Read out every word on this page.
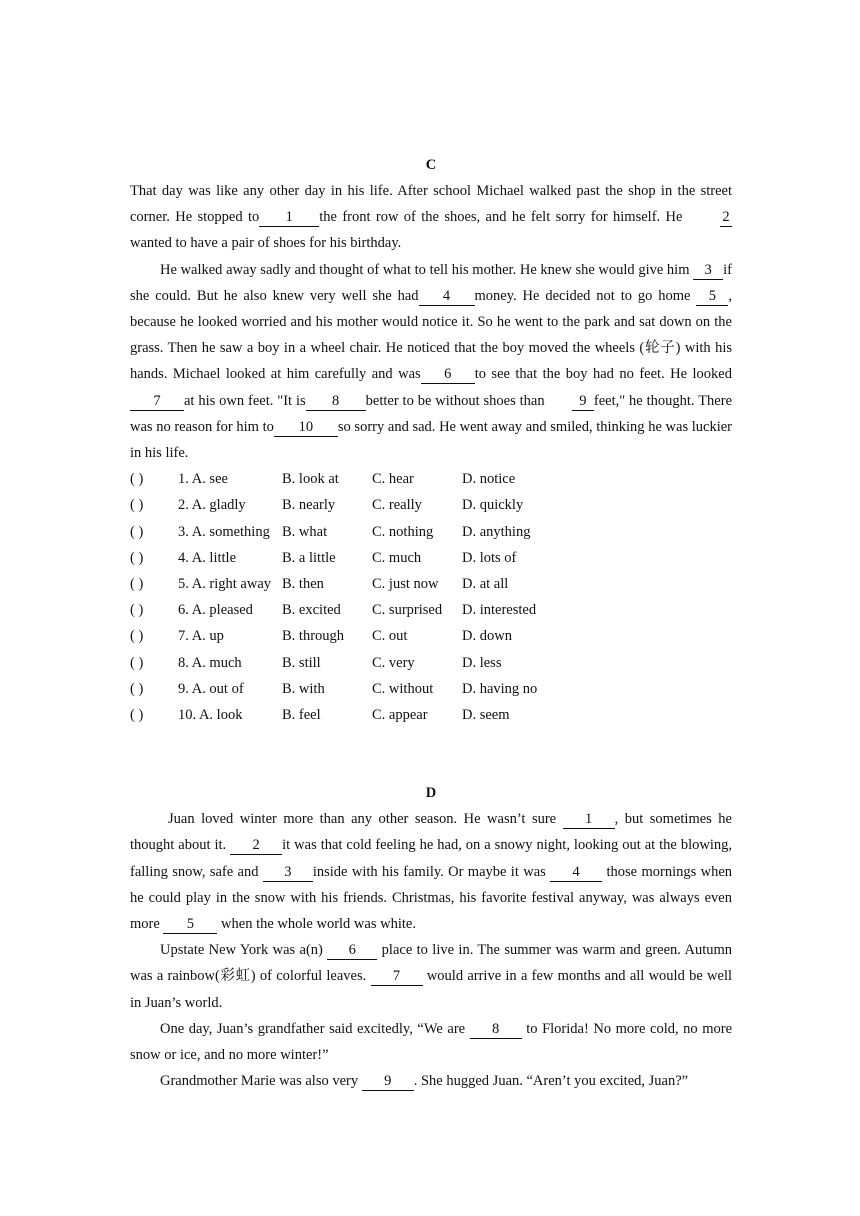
C

That day was like any other day in his life. After school Michael walked past the shop in the street corner. He stopped to 1 the front row of the shoes, and he felt sorry for himself. He	2 wanted to have a pair of shoes for his birthday.

He walked away sadly and thought of what to tell his mother. He knew she would give him 3 if she could. But he also knew very well she had 4 money. He decided not to go home 5 , because he looked worried and his mother would notice it. So he went to the park and sat down on the grass. Then he saw a boy in a wheel chair. He noticed that the boy moved the wheels (轮子) with his hands. Michael looked at him carefully and was 6 to see that the boy had no feet. He looked7 at his own feet. "It is 8 better to be without shoes than 9 feet," he thought. There was no reason for him to 10 so sorry and sad. He went away and smiled, thinking he was luckier in his life.

( )	1. A. see	B. look at	C. hear	D. notice
( )	2. A. gladly	B. nearly	C. really	D. quickly
( )	3. A. something	B. what	C. nothing	D. anything
( )	4. A. little	B. a little	C. much	D. lots of
( )	5. A. right away	B. then	C. just now	D. at all
( )	6. A. pleased	B. excited	C. surprised	D. interested
( )	7. A. up	B. through	C. out	D. down
( )	8. A. much	B. still	C. very	D. less
( )	9. A. out of	B. with	C. without	D. having no
( )	10. A. look	B. feel	C. appear	D. seem
D

Juan loved winter more than any other season. He wasn’t sure 1 , but sometimes he thought about it. 2 it was that cold feeling he had, on a snowy night, looking out at the blowing, falling snow, safe and 3 inside with his family. Or maybe it was 4 those mornings when he could play in the snow with his friends. Christmas, his favorite festival anyway, was always even more 5 when the whole world was white.

Upstate New York was a(n) 6 place to live in. The summer was warm and green. Autumn was a rainbow(彩虹) of colorful leaves. 7 would arrive in a few months and all would be well in Juan’s world.

One day, Juan’s grandfather said excitedly, “We are 8 to Florida! No more cold, no more snow or ice, and no more winter!”

Grandmother Marie was also very 9 . She hugged Juan. “Aren’t you excited, Juan?”
